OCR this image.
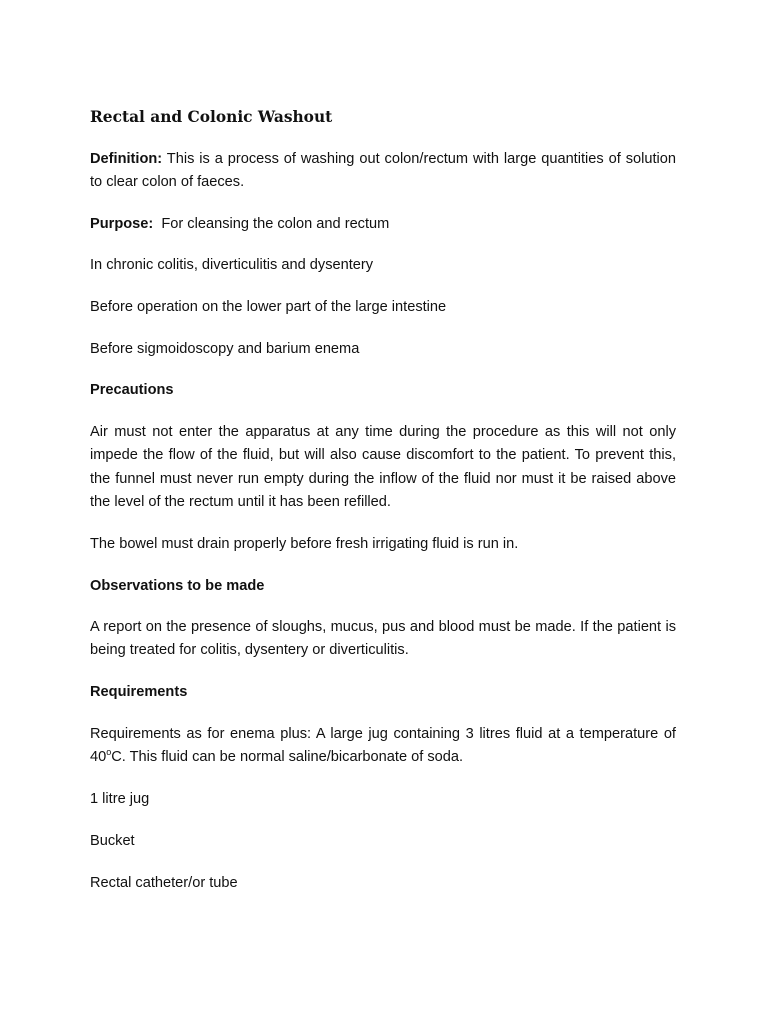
Rectal and Colonic Washout

Definition: This is a process of washing out colon/rectum with large quantities of solution to clear colon of faeces.

Purpose:  For cleansing the colon and rectum

In chronic colitis, diverticulitis and dysentery

Before operation on the lower part of the large intestine

Before sigmoidoscopy and barium enema

Precautions

Air must not enter the apparatus at any time during the procedure as this will not only impede the flow of the fluid, but will also cause discomfort to the patient. To prevent this, the funnel must never run empty during the inflow of the fluid nor must it be raised above the level of the rectum until it has been refilled.

The bowel must drain properly before fresh irrigating fluid is run in.

Observations to be made

A report on the presence of sloughs, mucus, pus and blood must be made. If the patient is being treated for colitis, dysentery or diverticulitis.

Requirements

Requirements as for enema plus: A large jug containing 3 litres fluid at a temperature of 40$^o$C. This fluid can be normal saline/bicarbonate of soda.

1 litre jug

Bucket

Rectal catheter/or tube
